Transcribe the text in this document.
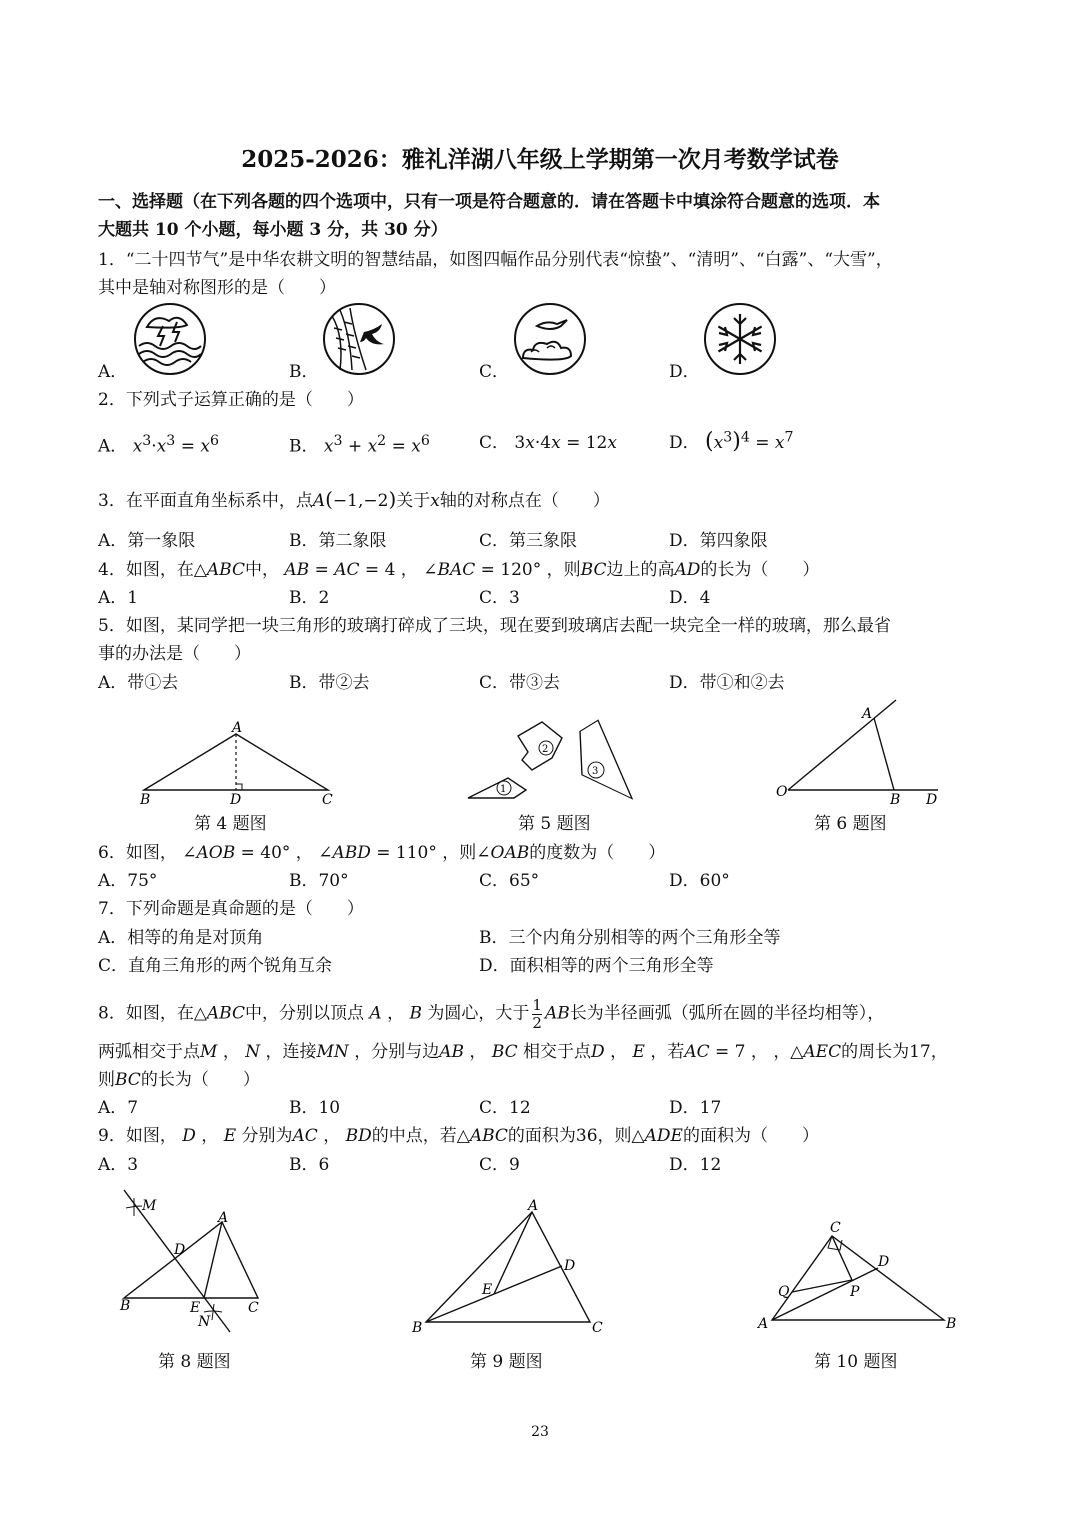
2025-2026：雅礼洋湖八年级上学期第一次月考数学试卷
一、选择题（在下列各题的四个选项中，只有一项是符合题意的．请在答题卡中填涂符合题意的选项．本
大题共 10 个小题，每小题 3 分，共 30 分）
1．“二十四节气”是中华农耕文明的智慧结晶，如图四幅作品分别代表“惊蛰”、“清明”、“白露”、“大雪”，
其中是轴对称图形的是（　　）
A．	B．	C．	D．
2．下列式子运算正确的是（　　）
A． $x^3\cdot x^3 = x^6$	B． $x^3 + x^2 = x^6$	C． 3x·4x = 12x	D． $(x^3)^4 = x^7$
3．在平面直角坐标系中，点A(−1,−2)关于x轴的对称点在（　　）
A．第一象限	B．第二象限	C．第三象限	D．第四象限
4．如图，在△ABC中， AB = AC = 4 ， ∠BAC = 120° ，则BC边上的高AD的长为（　　）
A．1	B．2	C．3	D．4
5．如图，某同学把一块三角形的玻璃打碎成了三块，现在要到玻璃店去配一块完全一样的玻璃，那么最省
事的办法是（　　）
A．带①去	B．带②去	C．带③去	D．带①和②去
A
B	D	C
1
2
3
A
O	B D
第 4 题图	第 5 题图	第 6 题图
6．如图， ∠AOB = 40° ， ∠ABD = 110° ，则∠OAB的度数为（　　）
A．75°	B．70°	C．65°	D．60°
7．下列命题是真命题的是（　　）
A．相等的角是对顶角	B．三个内角分别相等的两个三角形全等
C．直角三角形的两个锐角互余	D．面积相等的两个三角形全等
8．如图，在△ABC中，分别以顶点 A ， B 为圆心，大于 $\frac{1}{2}$ AB长为半径画弧（弧所在圆的半径均相等），
两弧相交于点M ， N ，连接MN ，分别与边AB ， BC 相交于点D ， E ，若AC = 7 ， ，△AEC的周长为17，
则BC的长为（　　）
A．7	B．10	C．12	D．17
9．如图， D ， E 分别为AC ， BD的中点，若△ABC的面积为36，则△ADE的面积为（　　）
A．3	B．6	C．9	D．12
M
A
D
B	E	C
N
A
D
E
B	C
C
D
Q	P
A	B
第 8 题图	第 9 题图	第 10 题图
23
